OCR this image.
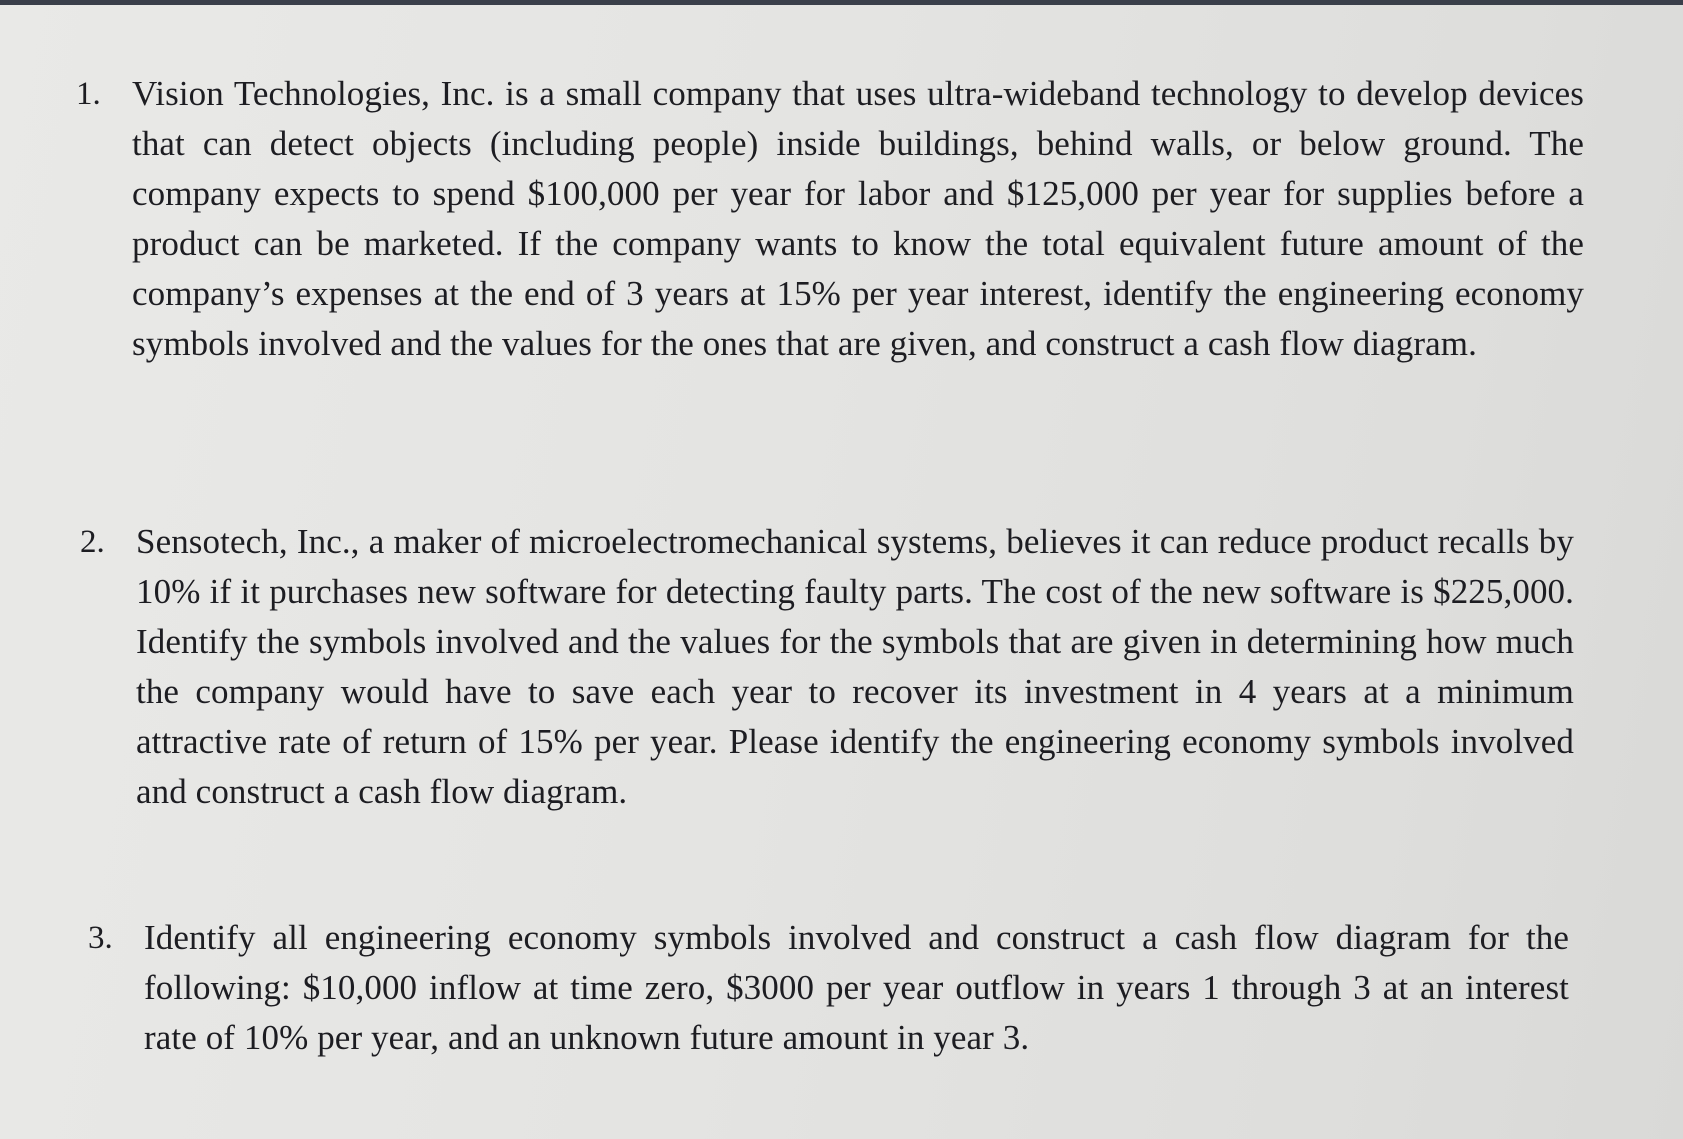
1. Vision Technologies, Inc. is a small company that uses ultra-wideband technology to develop devices that can detect objects (including people) inside buildings, behind walls, or below ground. The company expects to spend $100,000 per year for labor and $125,000 per year for supplies before a product can be marketed. If the company wants to know the total equivalent future amount of the company’s expenses at the end of 3 years at 15% per year interest, identify the engineering economy symbols involved and the values for the ones that are given, and construct a cash flow diagram.
2. Sensotech, Inc., a maker of microelectromechanical systems, believes it can reduce product recalls by 10% if it purchases new software for detecting faulty parts. The cost of the new software is $225,000. Identify the symbols involved and the values for the symbols that are given in determining how much the company would have to save each year to recover its investment in 4 years at a minimum attractive rate of return of 15% per year. Please identify the engineering economy symbols involved and construct a cash flow diagram.
3. Identify all engineering economy symbols involved and construct a cash flow diagram for the following: $10,000 inflow at time zero, $3000 per year outflow in years 1 through 3 at an interest rate of 10% per year, and an unknown future amount in year 3.
